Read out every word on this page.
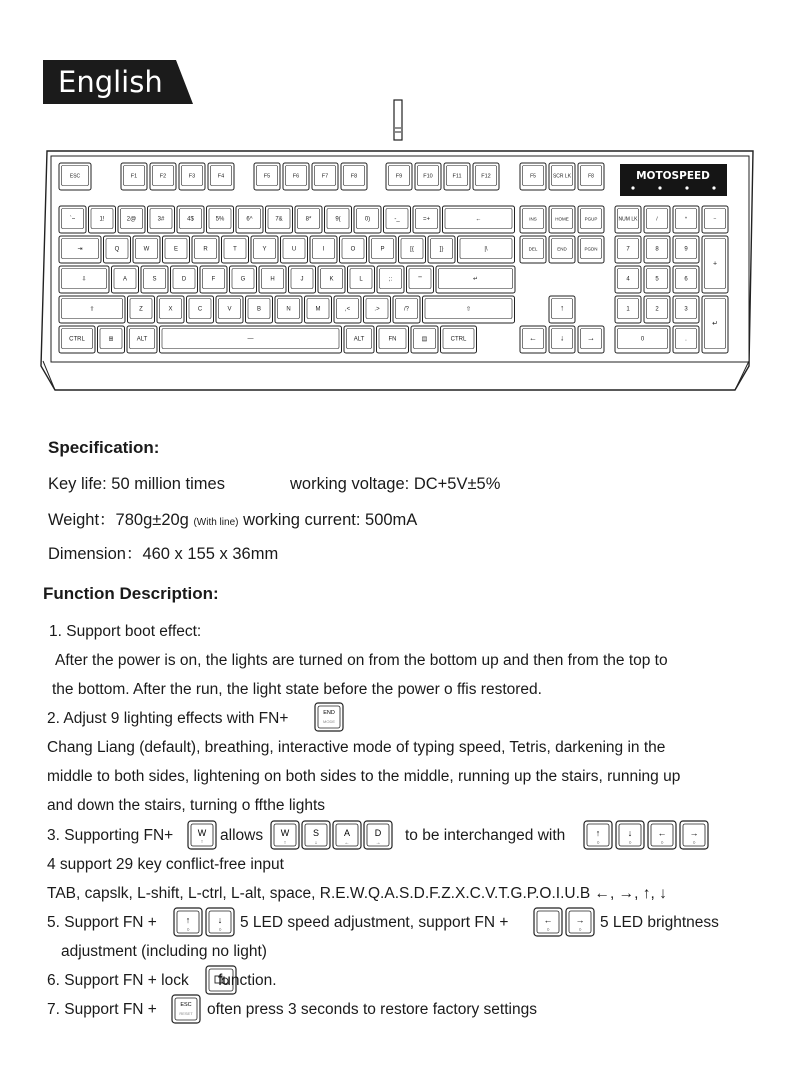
English
MOTOSPEED
ESC	F1	F2	F3	F4	F5	F6	F7	F8	F9	F10	F11	F12	F5	SCR LK	F8
`~	1!	2@	3#	4$	5%	6^	7&	8*	9(	0)	-_	=+	←
⇥	Q	W	E	R	T	Y	U	I	O	P	[{	]}	|\
⇩	A	S	D	F	G	H	J	K	L	;:	'"	↵
⇧	Z	X	C	V	B	N	M	,<	.>	/?	⇧
CTRL	⊞	ALT	—	ALT	FN	▤	CTRL
INS	HOME	PGUP
DEL	END	PGDN
↑
←	↓	→
NUM LK	/	*	−
7	8	9
+
4	5	6
1	2	3
↵
0	.
Specification:
Key life: 50 million times	working voltage: DC+5V±5%
Weight：780g±20g (With line) working current: 500mA
Dimension：460 x 155 x 36mm
Function Description:
1. Support boot effect:
After the power is on, the lights are turned on from the bottom up and then from the top to
the bottom. After the run, the light state before the power o ffis restored.
2. Adjust 9 lighting effects with FN+	END
MODE
Chang Liang (default), breathing, interactive mode of typing speed, Tetris, darkening in the
middle to both sides, lightening on both sides to the middle, running up the stairs, running up
and down the stairs, turning o ffthe lights
3. Supporting FN+	W
↑ allows W
↑
S
↓
A
←
D
→ to be interchanged with	↑
○
↓
○
←
○
→
○
4 support 29 key conflict-free input
TAB, capslk, L-shift, L-ctrl, L-alt, space, R.E.W.Q.A.S.D.F.Z.X.C.V.T.G.P.O.I.U.B ←, →, ↑, ↓
5. Support FN +	↑
○
↓
○ 5 LED speed adjustment, support FN +	←
○
→
○ 5 LED brightness
adjustment (including no light)
6. Support FN + lock function.
7. Support FN +	ESC
RESET often press 3 seconds to restore factory settings
